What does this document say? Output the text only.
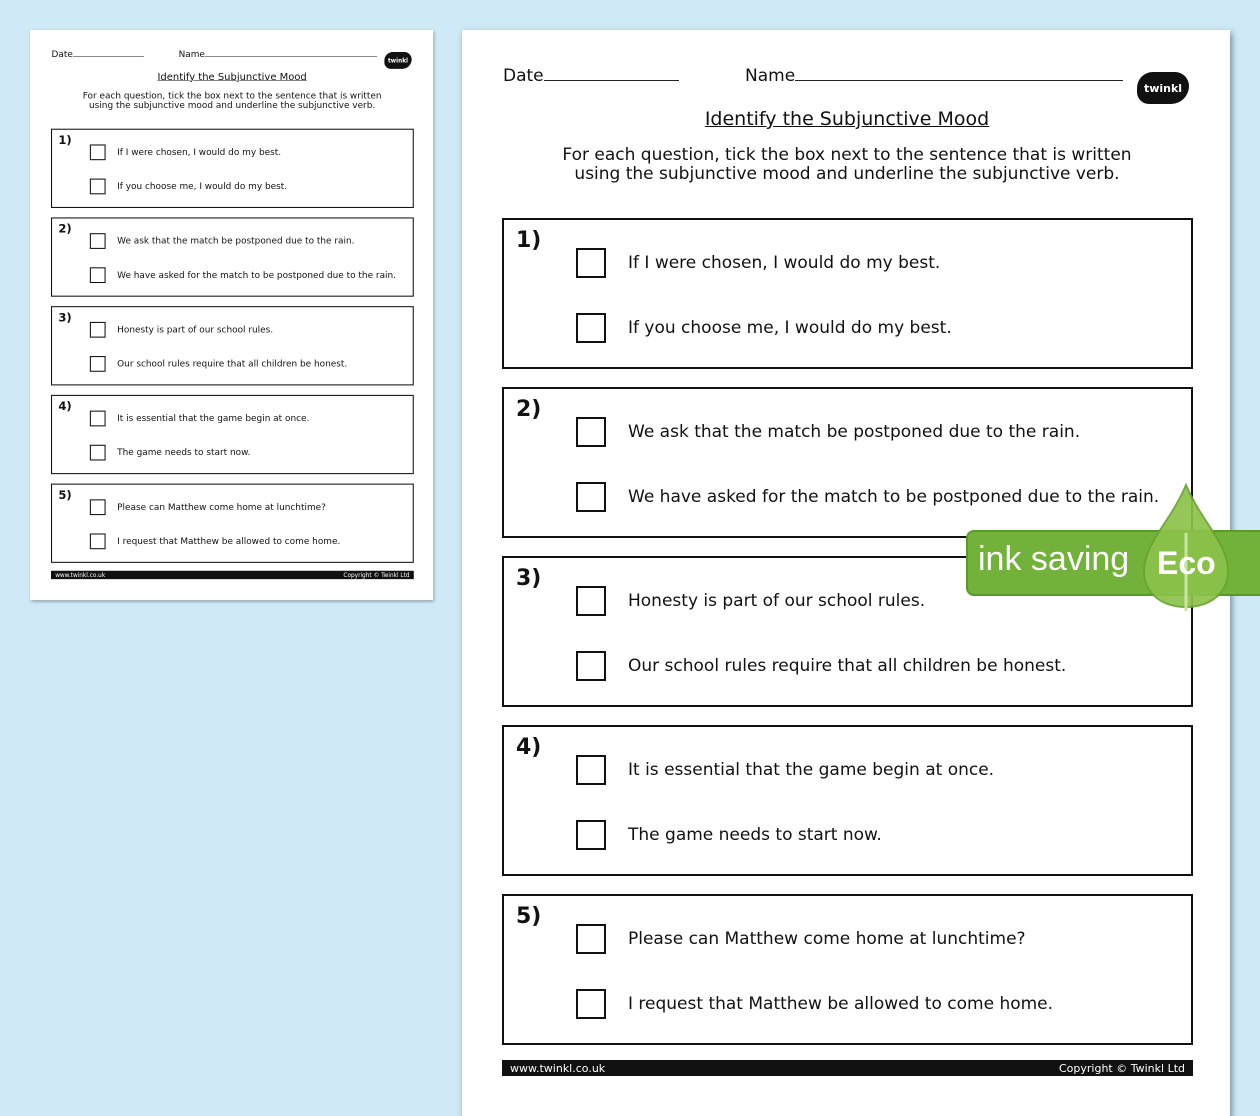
Date	Name
twinkl
Identify the Subjunctive Mood
For each question, tick the box next to the sentence that is written
using the subjunctive mood and underline the subjunctive verb.
1)
If I were chosen, I would do my best.
If you choose me, I would do my best.
2)
We ask that the match be postponed due to the rain.
We have asked for the match to be postponed due to the rain.
3)
Honesty is part of our school rules.
Our school rules require that all children be honest.
4)
It is essential that the game begin at once.
The game needs to start now.
5)
Please can Matthew come home at lunchtime?
I request that Matthew be allowed to come home.
www.twinkl.co.uk	Copyright © Twinkl Ltd
Date	Name
twinkl
Identify the Subjunctive Mood
For each question, tick the box next to the sentence that is written
using the subjunctive mood and underline the subjunctive verb.
1)
If I were chosen, I would do my best.
If you choose me, I would do my best.
2)
We ask that the match be postponed due to the rain.
We have asked for the match to be postponed due to the rain.
3)
Honesty is part of our school rules.
Our school rules require that all children be honest.
4)
It is essential that the game begin at once.
The game needs to start now.
5)
Please can Matthew come home at lunchtime?
I request that Matthew be allowed to come home.
www.twinkl.co.uk	Copyright © Twinkl Ltd
ink saving Eco
